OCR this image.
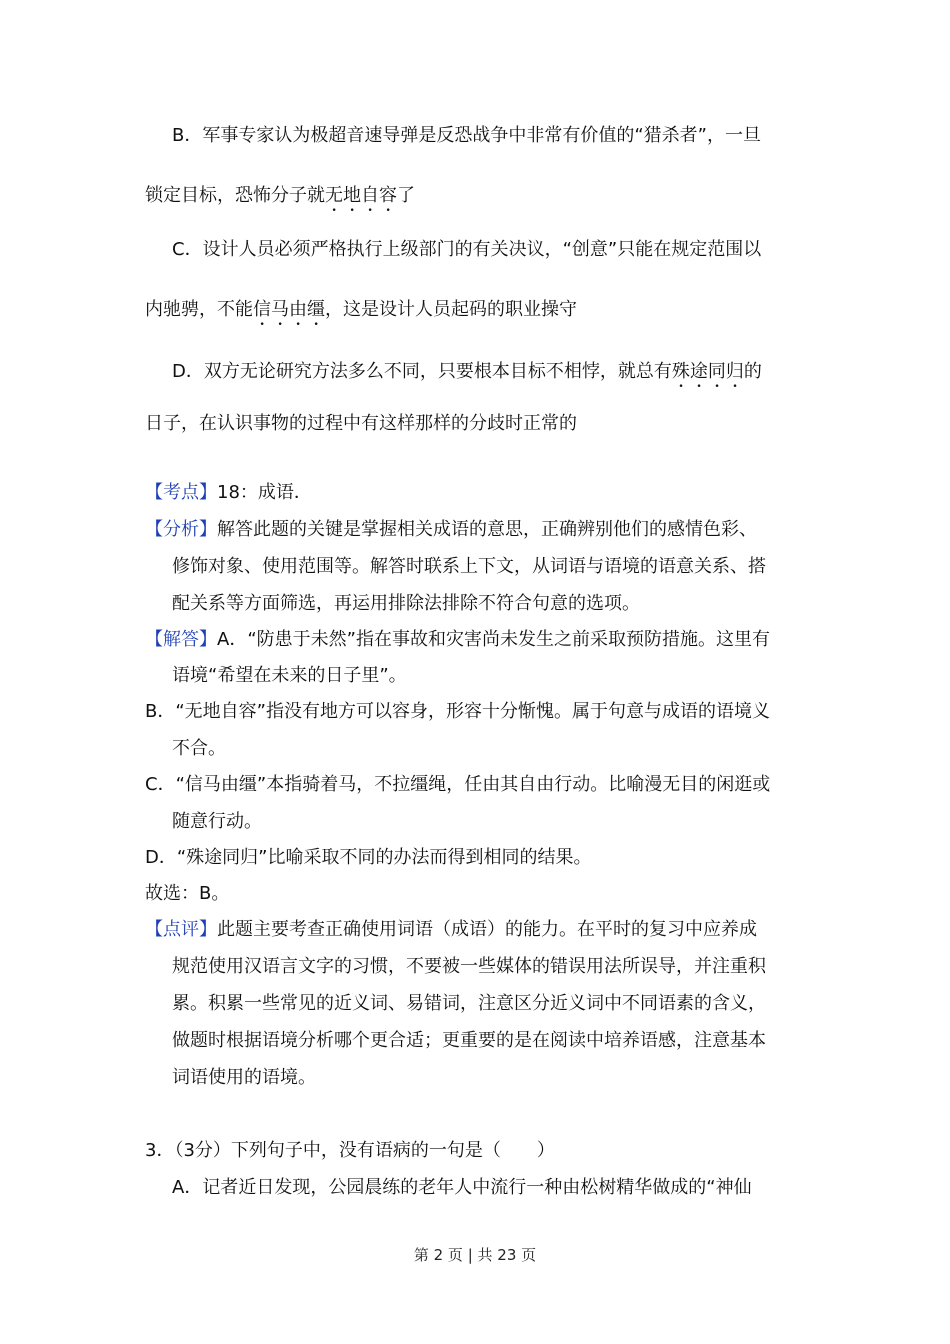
B．军事专家认为极超音速导弹是反恐战争中非常有价值的“猎杀者”，一旦
锁定目标，恐怖分子就无地自容了
C．设计人员必须严格执行上级部门的有关决议，“创意”只能在规定范围以
内驰骋，不能信马由缰，这是设计人员起码的职业操守
D．双方无论研究方法多么不同，只要根本目标不相悖，就总有殊途同归的
日子，在认识事物的过程中有这样那样的分歧时正常的
【考点】18：成语．
【分析】解答此题的关键是掌握相关成语的意思，正确辨别他们的感情色彩、
修饰对象、使用范围等。解答时联系上下文，从词语与语境的语意关系、搭
配关系等方面筛选，再运用排除法排除不符合句意的选项。
【解答】A．“防患于未然”指在事故和灾害尚未发生之前采取预防措施。这里有
语境“希望在未来的日子里”。
B．“无地自容”指没有地方可以容身，形容十分惭愧。属于句意与成语的语境义
不合。
C．“信马由缰”本指骑着马，不拉缰绳，任由其自由行动。比喻漫无目的闲逛或
随意行动。
D．“殊途同归”比喻采取不同的办法而得到相同的结果。
故选：B。
【点评】此题主要考查正确使用词语（成语）的能力。在平时的复习中应养成
规范使用汉语言文字的习惯，不要被一些媒体的错误用法所误导，并注重积
累。积累一些常见的近义词、易错词，注意区分近义词中不同语素的含义，
做题时根据语境分析哪个更合适；更重要的是在阅读中培养语感，注意基本
词语使用的语境。
3．（3分）下列句子中，没有语病的一句是（　　）
A．记者近日发现，公园晨练的老年人中流行一种由松树精华做成的“神仙
第 2 页 | 共 23 页
